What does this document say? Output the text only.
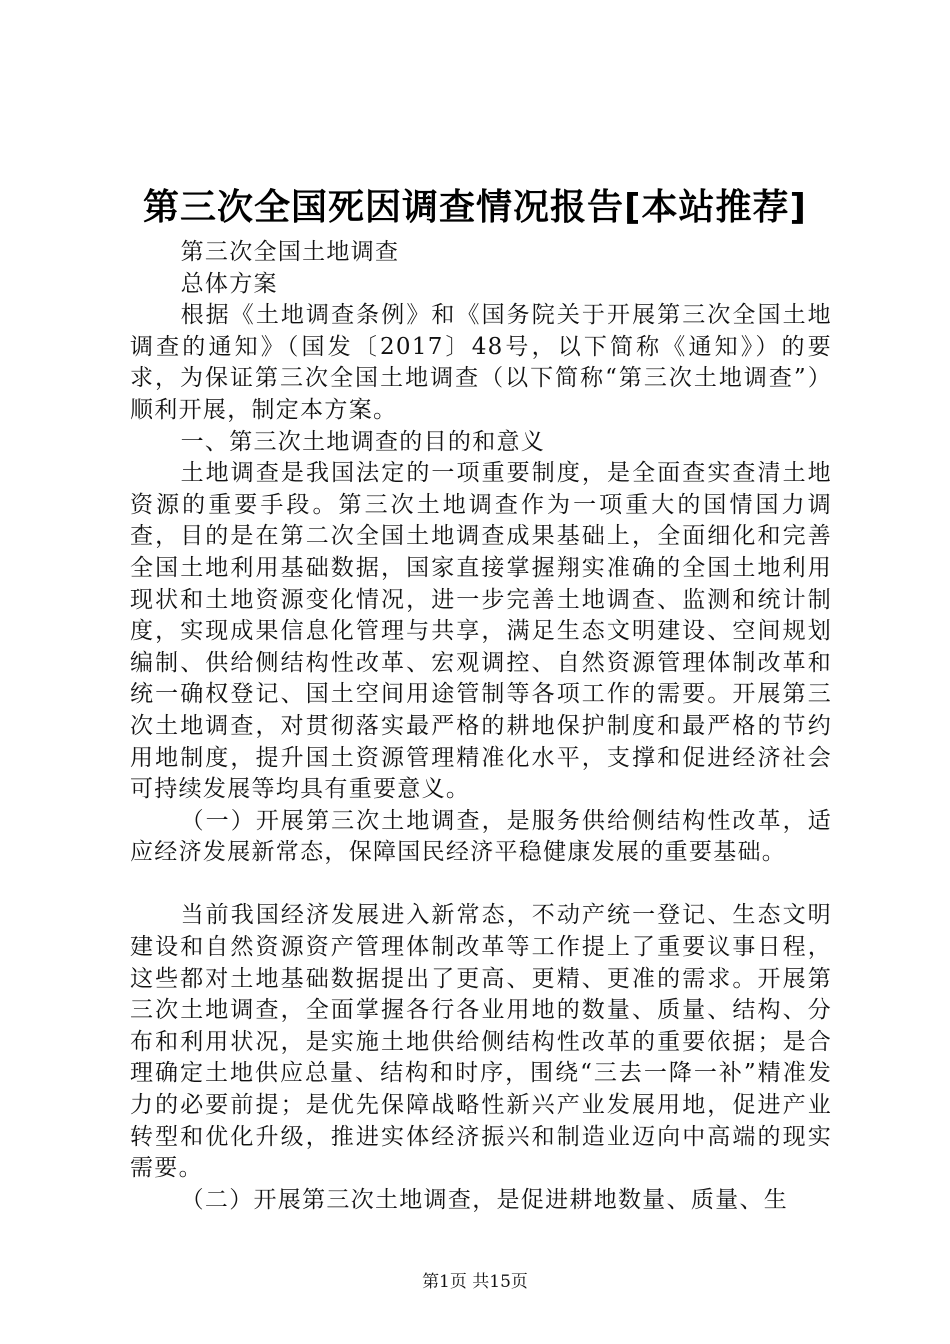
第三次全国死因调查情况报告[本站推荐]

第三次全国土地调查

总体方案

根据《土地调查条例》和《国务院关于开展第三次全国土地调查的通知》（国发〔2017〕48号，以下简称《通知》）的要求，为保证第三次全国土地调查（以下简称“第三次土地调查”）顺利开展，制定本方案。

一、第三次土地调查的目的和意义

土地调查是我国法定的一项重要制度，是全面查实查清土地资源的重要手段。第三次土地调查作为一项重大的国情国力调查，目的是在第二次全国土地调查成果基础上，全面细化和完善全国土地利用基础数据，国家直接掌握翔实准确的全国土地利用现状和土地资源变化情况，进一步完善土地调查、监测和统计制度，实现成果信息化管理与共享，满足生态文明建设、空间规划编制、供给侧结构性改革、宏观调控、自然资源管理体制改革和统一确权登记、国土空间用途管制等各项工作的需要。开展第三次土地调查，对贯彻落实最严格的耕地保护制度和最严格的节约用地制度，提升国土资源管理精准化水平，支撑和促进经济社会可持续发展等均具有重要意义。

（一）开展第三次土地调查，是服务供给侧结构性改革，适应经济发展新常态，保障国民经济平稳健康发展的重要基础。

当前我国经济发展进入新常态，不动产统一登记、生态文明建设和自然资源资产管理体制改革等工作提上了重要议事日程，这些都对土地基础数据提出了更高、更精、更准的需求。开展第三次土地调查，全面掌握各行各业用地的数量、质量、结构、分布和利用状况，是实施土地供给侧结构性改革的重要依据；是合理确定土地供应总量、结构和时序，围绕“三去一降一补”精准发力的必要前提；是优先保障战略性新兴产业发展用地，促进产业转型和优化升级，推进实体经济振兴和制造业迈向中高端的现实需要。

（二）开展第三次土地调查，是促进耕地数量、质量、生

第1页 共15页
